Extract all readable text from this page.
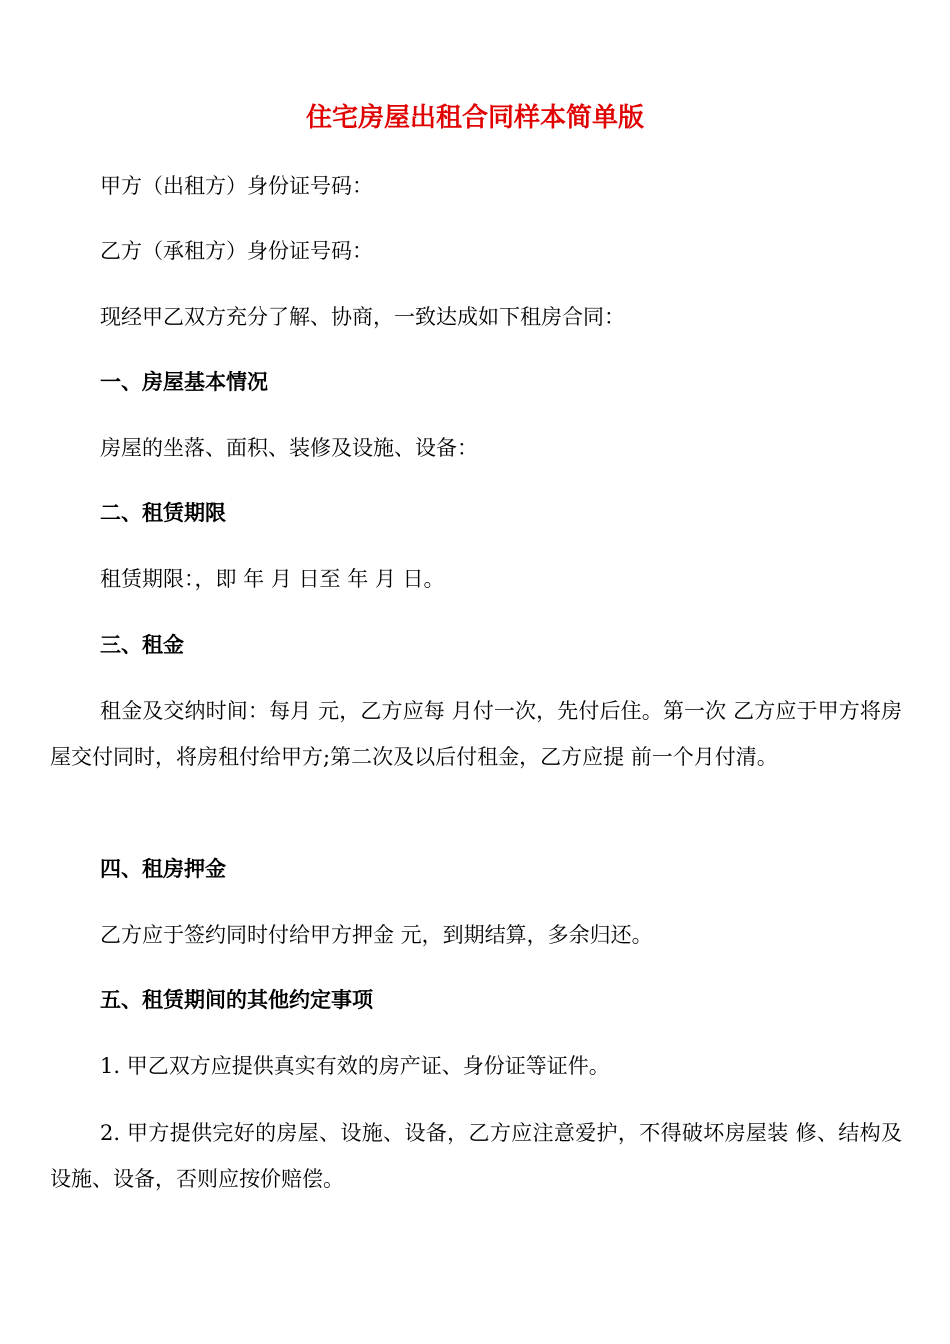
住宅房屋出租合同样本简单版

甲方（出租方）身份证号码：

乙方（承租方）身份证号码：

现经甲乙双方充分了解、协商，一致达成如下租房合同：

一、房屋基本情况

房屋的坐落、面积、装修及设施、设备：

二、租赁期限

租赁期限：，即 年 月 日至 年 月 日。

三、租金

租金及交纳时间：每月 元，乙方应每 月付一次，先付后住。第一次 乙方应于甲方将房屋交付同时，将房租付给甲方;第二次及以后付租金，乙方应提 前一个月付清。

四、租房押金

乙方应于签约同时付给甲方押金 元，到期结算，多余归还。

五、租赁期间的其他约定事项

1. 甲乙双方应提供真实有效的房产证、身份证等证件。

2. 甲方提供完好的房屋、设施、设备，乙方应注意爱护，不得破坏房屋装 修、结构及设施、设备，否则应按价赔偿。
